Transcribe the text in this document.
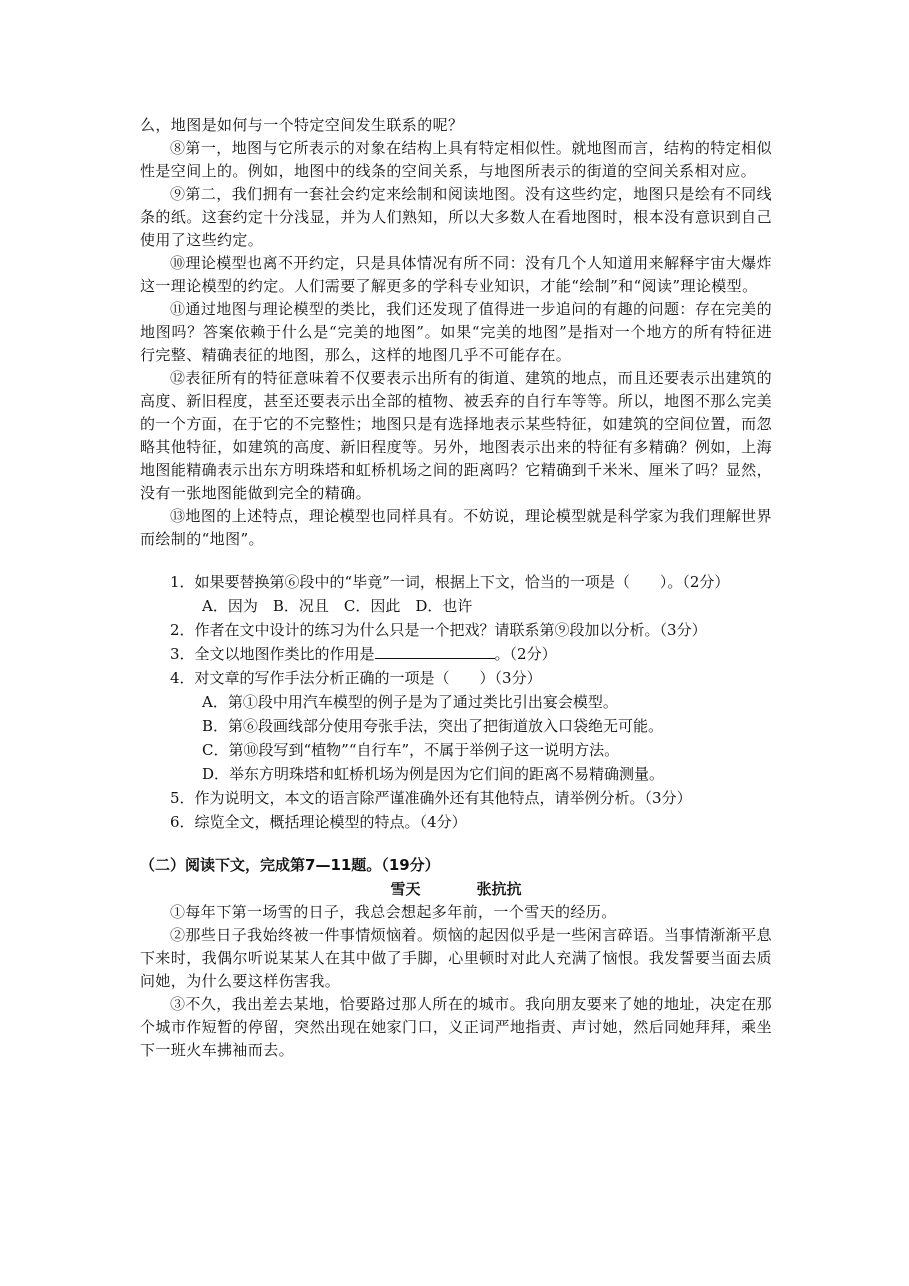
么，地图是如何与一个特定空间发生联系的呢？

⑧第一，地图与它所表示的对象在结构上具有特定相似性。就地图而言，结构的特定相似性是空间上的。例如，地图中的线条的空间关系，与地图所表示的街道的空间关系相对应。

⑨第二，我们拥有一套社会约定来绘制和阅读地图。没有这些约定，地图只是绘有不同线条的纸。这套约定十分浅显，并为人们熟知，所以大多数人在看地图时，根本没有意识到自己使用了这些约定。

⑩理论模型也离不开约定，只是具体情况有所不同：没有几个人知道用来解释宇宙大爆炸这一理论模型的约定。人们需要了解更多的学科专业知识，才能“绘制”和“阅读”理论模型。

⑪通过地图与理论模型的类比，我们还发现了值得进一步追问的有趣的问题：存在完美的地图吗？答案依赖于什么是“完美的地图”。如果“完美的地图”是指对一个地方的所有特征进行完整、精确表征的地图，那么，这样的地图几乎不可能存在。

⑫表征所有的特征意味着不仅要表示出所有的街道、建筑的地点，而且还要表示出建筑的高度、新旧程度，甚至还要表示出全部的植物、被丢弃的自行车等等。所以，地图不那么完美的一个方面，在于它的不完整性；地图只是有选择地表示某些特征，如建筑的空间位置，而忽略其他特征，如建筑的高度、新旧程度等。另外，地图表示出来的特征有多精确？例如，上海地图能精确表示出东方明珠塔和虹桥机场之间的距离吗？它精确到千米米、厘米了吗？显然，没有一张地图能做到完全的精确。

⑬地图的上述特点，理论模型也同样具有。不妨说，理论模型就是科学家为我们理解世界而绘制的“地图”。

1．如果要替换第⑥段中的“毕竟”一词，根据上下文，恰当的一项是（　　）。（2分）

A．因为　B．况且　C．因此　D．也许

2．作者在文中设计的练习为什么只是一个把戏？请联系第⑨段加以分析。（3分）

3．全文以地图作类比的作用是	。（2分）

4．对文章的写作手法分析正确的一项是（　　）（3分）

A．第①段中用汽车模型的例子是为了通过类比引出宴会模型。

B．第⑥段画线部分使用夸张手法，突出了把街道放入口袋绝无可能。

C．第⑩段写到“植物”“自行车”，不属于举例子这一说明方法。

D．举东方明珠塔和虹桥机场为例是因为它们间的距离不易精确测量。

5．作为说明文，本文的语言除严谨准确外还有其他特点，请举例分析。（3分）

6．综览全文，概括理论模型的特点。（4分）

（二）阅读下文，完成第7—11题。（19分）

雪天	张抗抗

①每年下第一场雪的日子，我总会想起多年前，一个雪天的经历。

②那些日子我始终被一件事情烦恼着。烦恼的起因似乎是一些闲言碎语。当事情渐渐平息下来时，我偶尔听说某某人在其中做了手脚，心里顿时对此人充满了恼恨。我发誓要当面去质问她，为什么要这样伤害我。

③不久，我出差去某地，恰要路过那人所在的城市。我向朋友要来了她的地址，决定在那个城市作短暂的停留，突然出现在她家门口，义正词严地指责、声讨她，然后同她拜拜，乘坐下一班火车拂袖而去。
